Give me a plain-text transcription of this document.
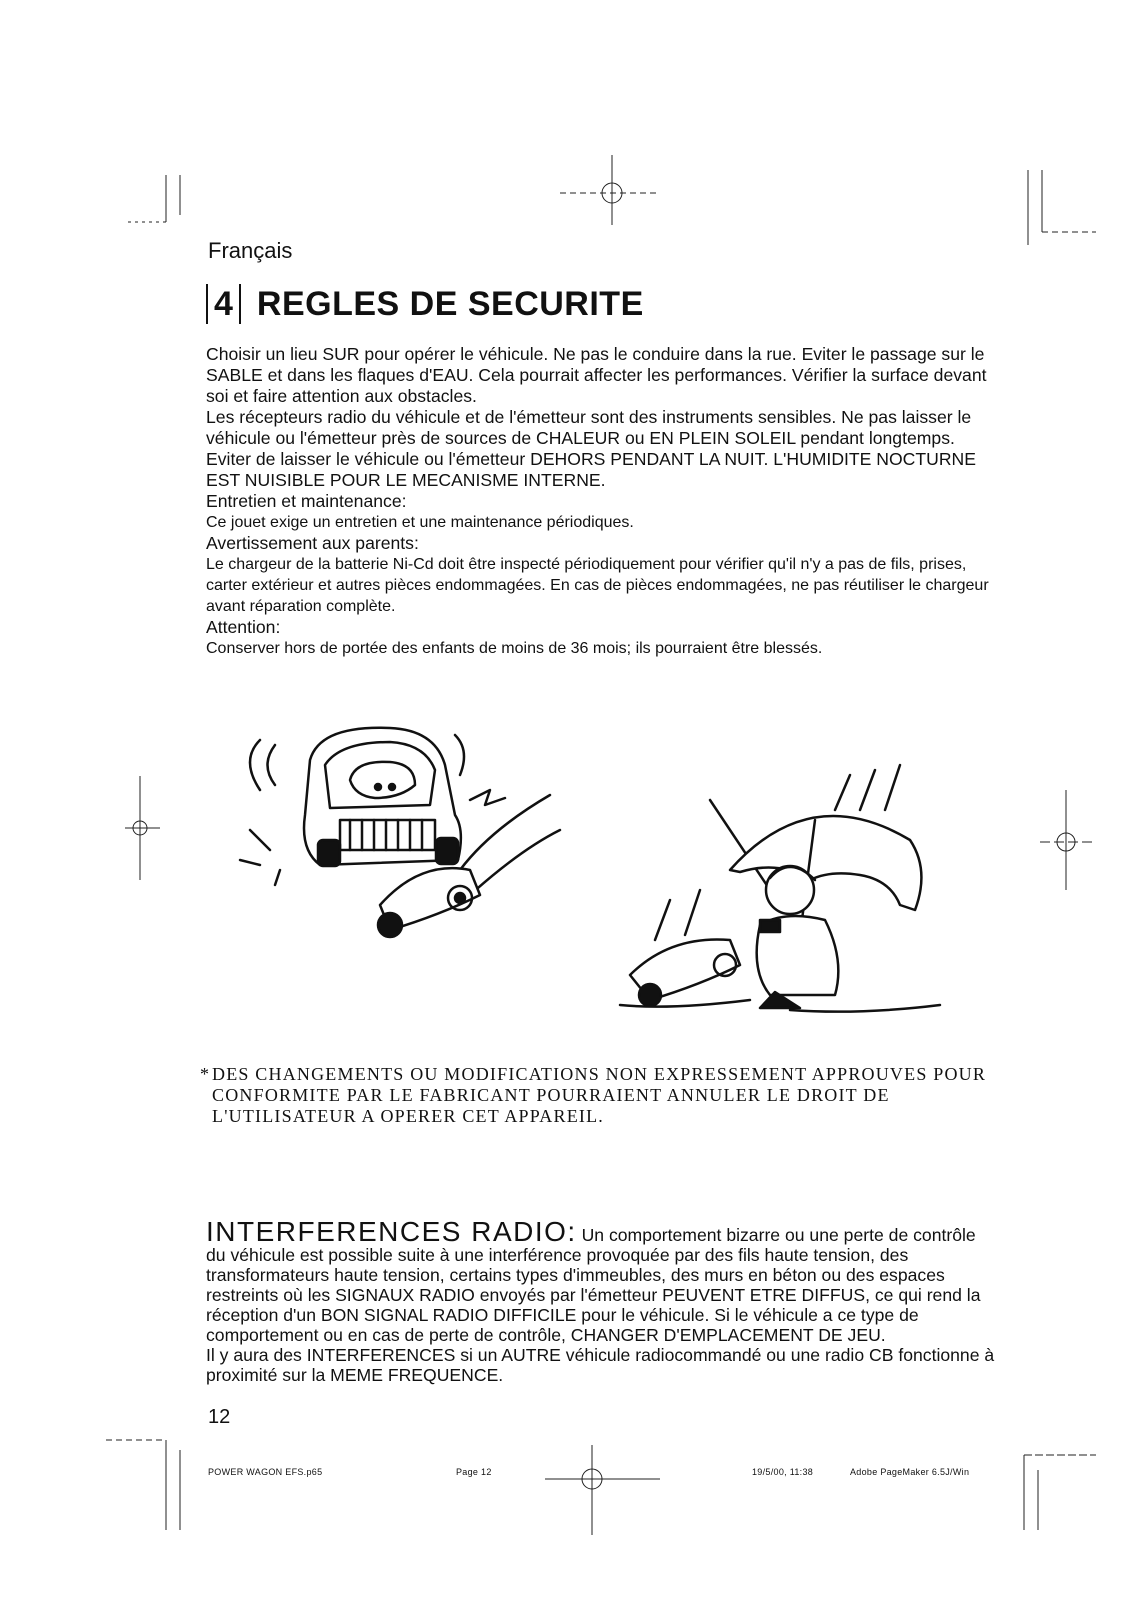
Français
4 REGLES DE SECURITE

Choisir un lieu SUR pour opérer le véhicule. Ne pas le conduire dans la rue. Eviter le passage sur le SABLE et dans les flaques d'EAU. Cela pourrait affecter les performances. Vérifier la surface devant soi et faire attention aux obstacles.

Les récepteurs radio du véhicule et de l'émetteur sont des instruments sensibles. Ne pas laisser le véhicule ou l'émetteur près de sources de CHALEUR ou EN PLEIN SOLEIL pendant longtemps.

Eviter de laisser le véhicule ou l'émetteur DEHORS PENDANT LA NUIT. L'HUMIDITE NOCTURNE EST NUISIBLE POUR LE MECANISME INTERNE.

Entretien et maintenance:

Ce jouet exige un entretien et une maintenance périodiques.

Avertissement aux parents:

Le chargeur de la batterie Ni-Cd doit être inspecté périodiquement pour vérifier qu'il n'y a pas de fils, prises, carter extérieur et autres pièces endommagées. En cas de pièces endommagées, ne pas réutiliser le chargeur avant réparation complète.

Attention:

Conserver hors de portée des enfants de moins de 36 mois; ils pourraient être blessés.

* DES CHANGEMENTS OU MODIFICATIONS NON EXPRESSEMENT APPROUVES POUR CONFORMITE PAR LE FABRICANT POURRAIENT ANNULER LE DROIT DE L'UTILISATEUR A OPERER CET APPAREIL.

INTERFERENCES RADIO: Un comportement bizarre ou une perte de contrôle du véhicule est possible suite à une interférence provoquée par des fils haute tension, des transformateurs haute tension, certains types d'immeubles, des murs en béton ou des espaces restreints où les SIGNAUX RADIO envoyés par l'émetteur PEUVENT ETRE DIFFUS, ce qui rend la réception d'un BON SIGNAL RADIO DIFFICILE pour le véhicule. Si le véhicule a ce type de comportement ou en cas de perte de contrôle, CHANGER D'EMPLACEMENT DE JEU.

Il y aura des INTERFERENCES si un AUTRE véhicule radiocommandé ou une radio CB fonctionne à proximité sur la MEME FREQUENCE.

12
POWER WAGON EFS.p65	Page 12	19/5/00, 11:38	Adobe PageMaker 6.5J/Win
